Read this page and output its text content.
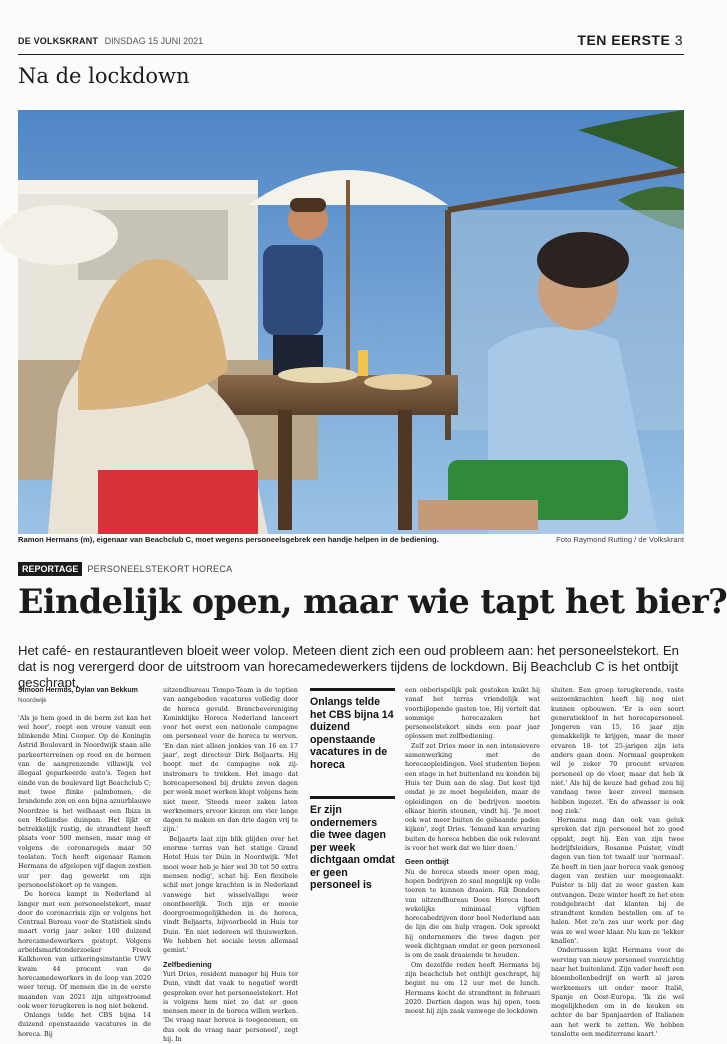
DE VOLKSKRANT DINSDAG 15 JUNI 2021	TEN EERSTE 3
Na de lockdown
Ramon Hermans (m), eigenaar van Beachclub C, moet wegens personeelsgebrek een handje helpen in de bediening.	Foto Raymond Rutting / de Volkskrant
REPORTAGE	PERSONEELSTEKORT HORECA
Eindelijk open, maar wie tapt het bier?
Het café- en restaurantleven bloeit weer volop. Meteen dient zich een oud probleem aan: het personeelstekort. En dat is nog verergerd door de uitstroom van horecamedewerkers tijdens de lockdown. Bij Beachclub C is het ontbijt geschrapt.
Simoon Hermus, Dylan van Bekkum
Noordwijk

'Als je hem goed in de berm zet kan het wel hoor', roept een vrouw vanuit een blinkende Mini Cooper. Op de Koningin Astrid Boulevard in Noordwijk staan alle parkeerterreinen op rood en de bermen van de aangrenzende villawijk vol illegaal geparkeerde auto's. Tegen het einde van de boulevard ligt Beachclub C; met twee flinke palmbomen, de brandende zon en een bijna azuurblauwe Noordzee is het welhaast een Ibiza in een Hollandse duinpan. Het lijkt er betrekkelijk rustig, de strandtent heeft plaats voor 500 mensen, maar mag er volgens de coronaregels maar 50 toelaten. Toch heeft eigenaar Ramon Hermans de afgelopen vijf dagen zestien uur per dag gewerkt om zijn personeelstekort op te vangen.

De horeca kampt in Nederland al langer met een personeelstekort, maar door de coronacrisis zijn er volgens het Centraal Bureau voor de Statistiek sinds maart vorig jaar zeker 100 duizend horecamedewerkers gestopt. Volgens arbeidsmarktonderzoeker Freek Kalkhoven van uitkeringsinstantie UWV kwam 44 procent van de horecamedewerkers in de loop van 2020 weer terug. Of mensen die in de eerste maanden van 2021 zijn uitgestroomd ook weer terugkeren is nog niet bekend.

Onlangs telde het CBS bijna 14 duizend openstaande vacatures in de horeca. Bij

uitzendbureau Tempo-Team is de toptien van aangeboden vacatures volledig door de horeca gevuld. Branchevereniging Koninklijke Horeca Nederland lanceert voor het eerst een nationale campagne om personeel voor de horeca te werven. 'En dan niet alleen jonkies van 16 en 17 jaar', zegt directeur Dirk Beljaarts. Hij hoopt met de campagne ook zij-instromers te trekken. Het imago dat horecapersoneel bij drukte zeven dagen per week moet werken klopt volgens hem niet meer. 'Steeds meer zaken laten werknemers ervoor kiezen om vier lange dagen te maken en dan drie dagen vrij te zijn.'

Beljaarts laat zijn blik glijden over het enorme terras van het statige Grand Hotel Huis ter Duin in Noordwijk. 'Met mooi weer heb je hier wel 30 tot 50 extra mensen nodig', schat hij. Een flexibele schil met jonge krachten is in Nederland vanwege het wisselvallige weer onontbeerlijk. Toch zijn er mooie doorgroeimogelijkheden in de horeca, vindt Beljaarts, bijvoorbeeld in Huis ter Duin. 'En niet iedereen wil thuiswerken. We hebben het sociale leven allemaal gemist.'

Zelfbediening

Yuri Dries, resident manager bij Huis ter Duin, vindt dat vaak te negatief wordt gesproken over het personeelstekort. Het is volgens hem niet zo dat er geen mensen meer in de horeca willen werken. 'De vraag naar horeca is toegenomen, en dus ook de vraag naar personeel', zegt hij. In

Onlangs telde het CBS bijna 14 duizend openstaande vacatures in de horeca
Er zijn ondernemers die twee dagen per week dichtgaan omdat er geen personeel is

een onberispelijk pak gestoken knikt hij vanaf het terras vriendelijk wat voorbijlopende gasten toe. Hij vertelt dat sommige horecazaken het personeelstekort sinds een paar jaar oplossen met zelfbediening.

Zelf zet Dries meer in een intensievere samenwerking met de horecaopleidingen. Veel studenten liepen een stage in het buitenland nu konden bij Huis ter Duin aan de slag. Dat kost tijd omdat je ze moet begeleiden, maar de opleidingen en de bedrijven moeten elkaar hierin steunen, vindt hij. 'Je moet ook wat meer buiten de gebaande paden kijken', zegt Dries. 'Iemand kan ervaring buiten de horeca hebben die ook relevant is voor het werk dat we hier doen.'

Geen ontbijt

Nu de horeca steeds meer open mag, hopen bedrijven zo snel mogelijk op volle toeren te kunnen draaien. Rik Donders van uitzendbureau Doen Horeca heeft wekelijks minimaal vijftien horecabedrijven door heel Nederland aan de lijn die om hulp vragen. Ook spreekt hij ondernemers die twee dagen per week dichtgaan omdat er geen personeel is om de zaak draaiende te houden.

Om dezelfde reden heeft Hermans bij zijn beachclub het ontbijt geschrapt, hij begint nu om 12 uur met de lunch. Hermans kocht de strandtent in februari 2020. Dertien dagen was hij open, toen moest hij zijn zaak vanwege de lockdown

sluiten. Een groep terugkerende, vaste seizoenkrachten heeft hij nog niet kunnen opbouwen. 'Er is een soort generatiekloof in het horecapersoneel. Jongeren van 15, 16 jaar zijn gemakkelijk te krijgen, maar de meer ervaren 18- tot 25-jarigen zijn iets anders gaan doen. Normaal gesproken wil je zeker 70 procent ervaren personeel op de vloer, maar dat heb ik niet.' Als hij de keuze had gehad zou hij vandaag twee keer zoveel mensen hebben ingezet. 'En de afwasser is ook nog ziek.'

Hermans mag dan ook van geluk spreken dat zijn personeel het zo goed oppakt, zegt hij. Een van zijn twee bedrijfsleiders, Rosanne Puister, vindt dagen van tien tot twaalf uur 'normaal'. Ze heeft in tien jaar horeca vaak genoeg dagen van zestien uur meegemaakt. Puister is blij dat ze weer gasten kan ontvangen. Deze winter heeft ze het eten rondgebracht dat klanten bij de strandtent konden bestellen om af te halen. Met zo'n zes uur werk per dag was ze wel weer klaar. Nu kan ze 'lekker knallen'.

Ondertussen kijkt Hermans voor de werving van nieuw personeel voorzichtig naar het buitenland. Zijn vader heeft een bloembollenbedrijf en werft al jaren werknemers uit onder meer Italië, Spanje en Oost-Europa. 'Ik zie wel mogelijkheden om in de keuken en achter de bar Spanjaarden of Italianen aan het werk te zetten. We hebben tenslotte een mediterrane kaart.'
